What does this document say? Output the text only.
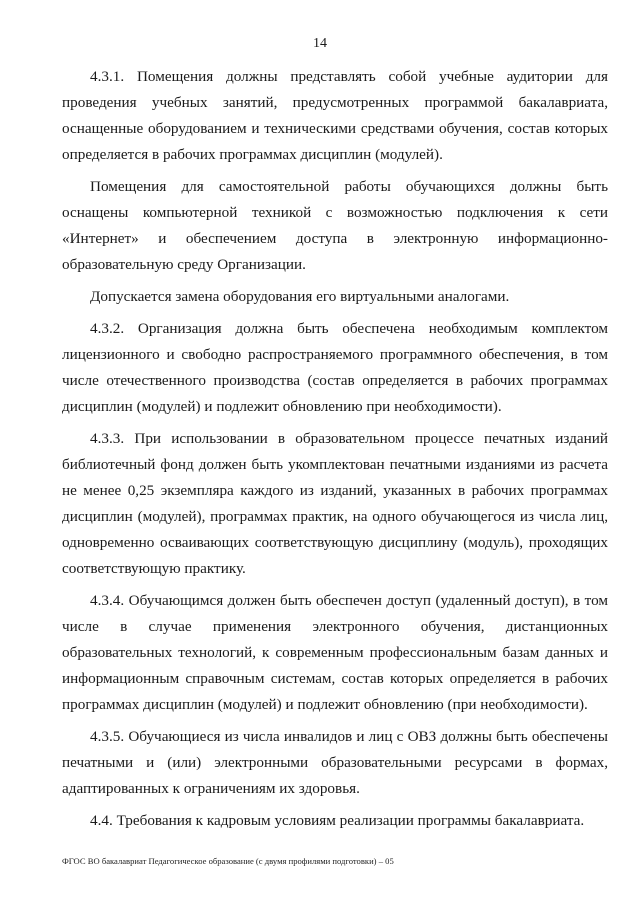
14

4.3.1. Помещения должны представлять собой учебные аудитории для проведения учебных занятий, предусмотренных программой бакалавриата, оснащенные оборудованием и техническими средствами обучения, состав которых определяется в рабочих программах дисциплин (модулей).

Помещения для самостоятельной работы обучающихся должны быть оснащены компьютерной техникой с возможностью подключения к сети «Интернет» и обеспечением доступа в электронную информационно-образовательную среду Организации.

Допускается замена оборудования его виртуальными аналогами.

4.3.2. Организация должна быть обеспечена необходимым комплектом лицензионного и свободно распространяемого программного обеспечения, в том числе отечественного производства (состав определяется в рабочих программах дисциплин (модулей) и подлежит обновлению при необходимости).

4.3.3. При использовании в образовательном процессе печатных изданий библиотечный фонд должен быть укомплектован печатными изданиями из расчета не менее 0,25 экземпляра каждого из изданий, указанных в рабочих программах дисциплин (модулей), программах практик, на одного обучающегося из числа лиц, одновременно осваивающих соответствующую дисциплину (модуль), проходящих соответствующую практику.

4.3.4. Обучающимся должен быть обеспечен доступ (удаленный доступ), в том числе в случае применения электронного обучения, дистанционных образовательных технологий, к современным профессиональным базам данных и информационным справочным системам, состав которых определяется в рабочих программах дисциплин (модулей) и подлежит обновлению (при необходимости).

4.3.5. Обучающиеся из числа инвалидов и лиц с ОВЗ должны быть обеспечены печатными и (или) электронными образовательными ресурсами в формах, адаптированных к ограничениям их здоровья.

4.4. Требования к кадровым условиям реализации программы бакалавриата.

ФГОС ВО бакалавриат Педагогическое образование (с двумя профилями подготовки) – 05
